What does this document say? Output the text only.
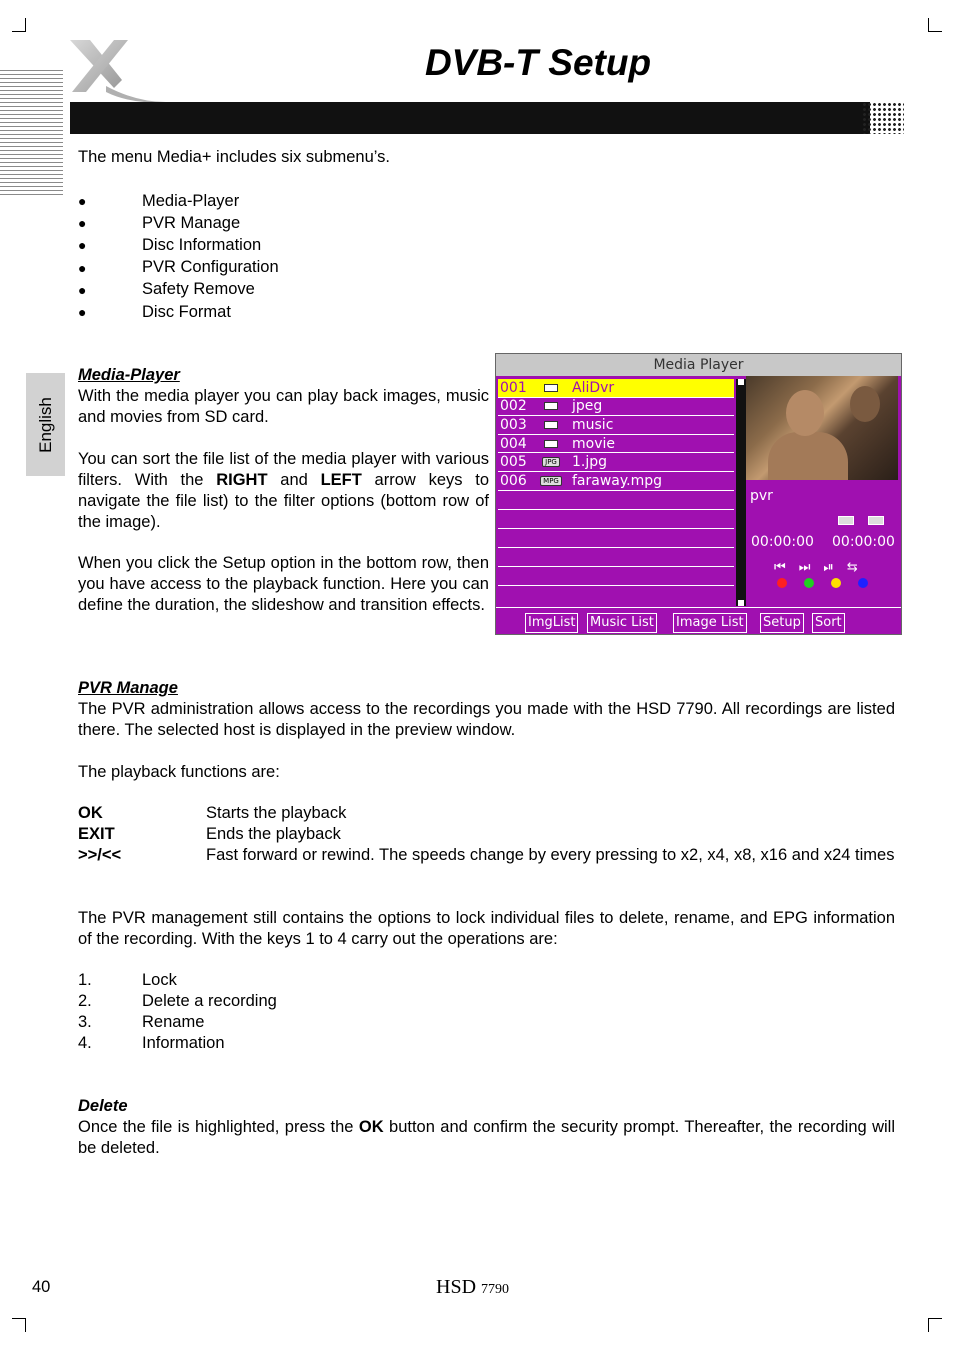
DVB-T Setup
English
The menu Media+ includes six submenu’s.
●	Media-Player
●	PVR Manage
●	Disc Information
●	PVR Configuration
●	Safety Remove
●	Disc Format
Media-Player
With the media player you can play back images, music and movies from SD card.
You can sort the file list of the media player with various filters. With the RIGHT and LEFT arrow keys to navigate the file list) to the filter options (bottom row of the image).
When you click the Setup option in the bottom row, then you have access to the playback function. Here you can define the duration, the slideshow and transition effects.
Media Player
001	AliDvr
002	jpeg
003	music
004	movie
005	JPG	1.jpg
006	MPG faraway.mpg
pvr
00:00:00 00:00:00
⏮ ⏭ ⏯ ⇆
ImgList Music List Image List Setup Sort
PVR Manage
The PVR administration allows access to the recordings you made with the HSD 7790. All recordings are listed there. The selected host is displayed in the preview window.
The playback functions are:
OK	Starts the playback
EXIT	Ends the playback
>>/<<	Fast forward or rewind. The speeds change by every pressing to x2, x4, x8, x16 and x24 times
The PVR management still contains the options to lock individual files to delete, rename, and EPG information of the recording. With the keys 1 to 4 carry out the operations are:
1.	Lock
2.	Delete a recording
3.	Rename
4.	Information
Delete
Once the file is highlighted, press the OK button and confirm the security prompt. Thereafter, the recording will be deleted.
40	HSD 7790
